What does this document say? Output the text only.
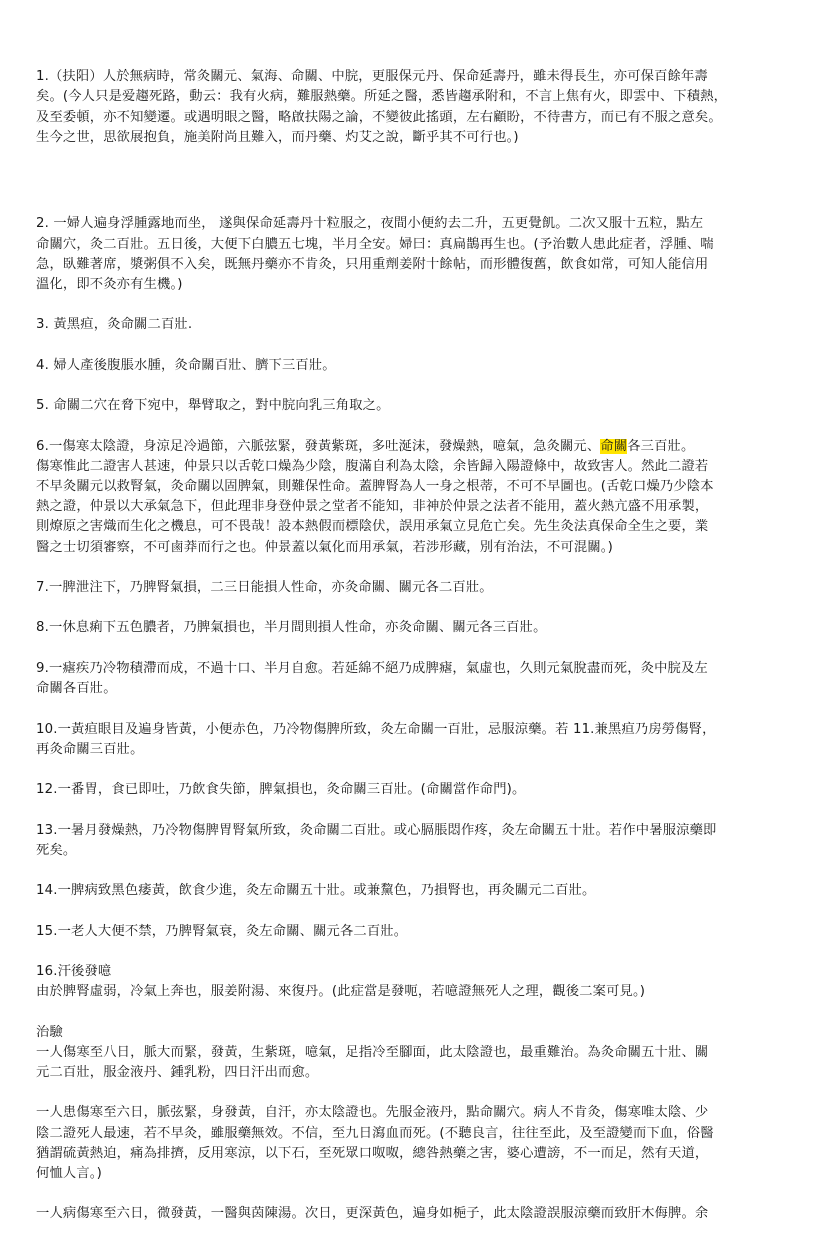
1.（扶阳）人於無病時，常灸關元、氣海、命關、中脘，更服保元丹、保命延壽丹，雖未得長生，亦可保百餘年壽
矣。(今人只是爱趨死路，動云：我有火病，難服熱藥。所延之醫，悉皆趨承附和，不言上焦有火，即雲中、下積熱，
及至委頓，亦不知變遷。或遇明眼之醫，略啟扶陽之論，不變彼此搖頭，左右顧盼，不待書方，而已有不服之意矣。
生今之世，思欲展抱負，施美附尚且難入，而丹藥、灼艾之說，斷乎其不可行也。)

2. 一婦人遍身浮腫露地而坐， 遂與保命延壽丹十粒服之，夜間小便約去二升，五更覺飢。二次又服十五粒，點左
命關穴，灸二百壯。五日後，大便下白膿五七塊，半月全安。婦曰：真扁鵲再生也。(予治數人患此症者，浮腫、喘
急，臥難著席，漿粥俱不入矣，既無丹藥亦不肯灸，只用重劑姜附十餘帖，而形體復舊，飲食如常，可知人能信用
溫化，即不灸亦有生機。)

3. 黃黑疸，灸命關二百壯.

4. 婦人產後腹脹水腫，灸命關百壯、臍下三百壯。

5. 命關二穴在脅下宛中，舉臂取之，對中脘向乳三角取之。

6.一傷寒太陰證，身涼足冷過節，六脈弦緊，發黃紫斑，多吐涎沫，發燥熱，噫氣，急灸關元、命關各三百壯。
傷寒惟此二證害人甚速，仲景只以舌乾口燥為少陰，腹滿自利為太陰，余皆歸入陽證條中，故致害人。然此二證若
不早灸關元以救腎氣，灸命關以固脾氣，則難保性命。蓋脾腎為人一身之根蒂，不可不早圖也。(舌乾口燥乃少陰本
熱之證，仲景以大承氣急下，但此理非身登仲景之堂者不能知，非神於仲景之法者不能用，蓋火熱亢盛不用承製，
則燎原之害熾而生化之機息，可不畏哉！設本熱假而標陰伏，誤用承氣立見危亡矣。先生灸法真保命全生之要，業
醫之士切須審察，不可鹵莽而行之也。仲景蓋以氣化而用承氣，若涉形藏，別有治法，不可混關。)

7.一脾泄注下，乃脾腎氣損，二三日能損人性命，亦灸命關、關元各二百壯。

8.一休息痢下五色膿者，乃脾氣損也，半月間則損人性命，亦灸命關、關元各三百壯。

9.一瘧疾乃冷物積滯而成，不過十口、半月自愈。若延綿不絕乃成脾瘧，氣虛也，久則元氣脫盡而死，灸中脘及左
命關各百壯。

10.一黃疸眼目及遍身皆黃，小便赤色，乃冷物傷脾所致，灸左命關一百壯，忌服涼藥。若 11.兼黑疸乃房勞傷腎，
再灸命關三百壯。

12.一番胃，食已即吐，乃飲食失節，脾氣損也，灸命關三百壯。(命關當作命門)。

13.一暑月發燥熱，乃冷物傷脾胃腎氣所致，灸命關二百壯。或心膈脹悶作疼，灸左命關五十壯。若作中暑服涼藥即
死矣。

14.一脾病致黑色痿黃，飲食少進，灸左命關五十壯。或兼黧色，乃損腎也，再灸關元二百壯。

15.一老人大便不禁，乃脾腎氣衰，灸左命關、關元各二百壯。

16.汗後發噫
由於脾腎虛弱，冷氣上奔也，服姜附湯、來復丹。(此症當是發呃，若噫證無死人之理，觀後二案可見。)

治驗
一人傷寒至八日，脈大而緊，發黃，生紫斑，噫氣，足指冷至腳面，此太陰證也，最重難治。為灸命關五十壯、關
元二百壯，服金液丹、鍾乳粉，四日汗出而愈。

一人患傷寒至六日，脈弦緊，身發黃，自汗，亦太陰證也。先服金液丹，點命關穴。病人不肯灸，傷寒唯太陰、少
陰二證死人最速，若不早灸，雖服藥無效。不信，至九日瀉血而死。(不聽良言，往往至此，及至證變而下血，俗醫
猶謂硫黃熱迫，痛為排擠，反用寒涼，以下石，至死眾口呶呶，總咎熱藥之害，婆心遭謗，不一而足，然有天道，
何恤人言。)

一人病傷寒至六日，微發黃，一醫與茵陳湯。次日，更深黃色，遍身如梔子，此太陰證誤服涼藥而致肝木侮脾。余
